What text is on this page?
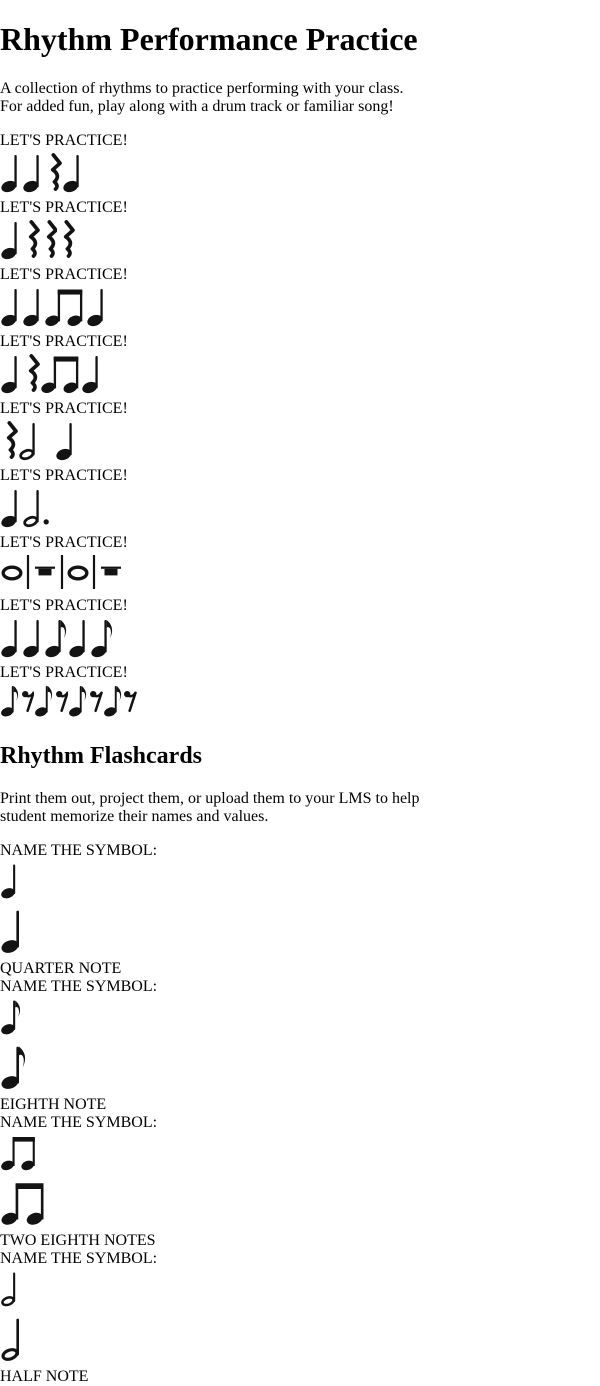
Rhythm Performance Practice

A collection of rhythms to practice performing with your class.
For added fun, play along with a drum track or familiar song!

LET'S PRACTICE!
LET'S PRACTICE!
LET'S PRACTICE!
LET'S PRACTICE!
LET'S PRACTICE!
LET'S PRACTICE!
LET'S PRACTICE!
LET'S PRACTICE!
LET'S PRACTICE!
Rhythm Flashcards

Print them out, project them, or upload them to your LMS to help
student memorize their names and values.

NAME THE SYMBOL:
QUARTER NOTE
NAME THE SYMBOL:
EIGHTH NOTE
NAME THE SYMBOL:
TWO EIGHTH NOTES
NAME THE SYMBOL:
HALF NOTE
